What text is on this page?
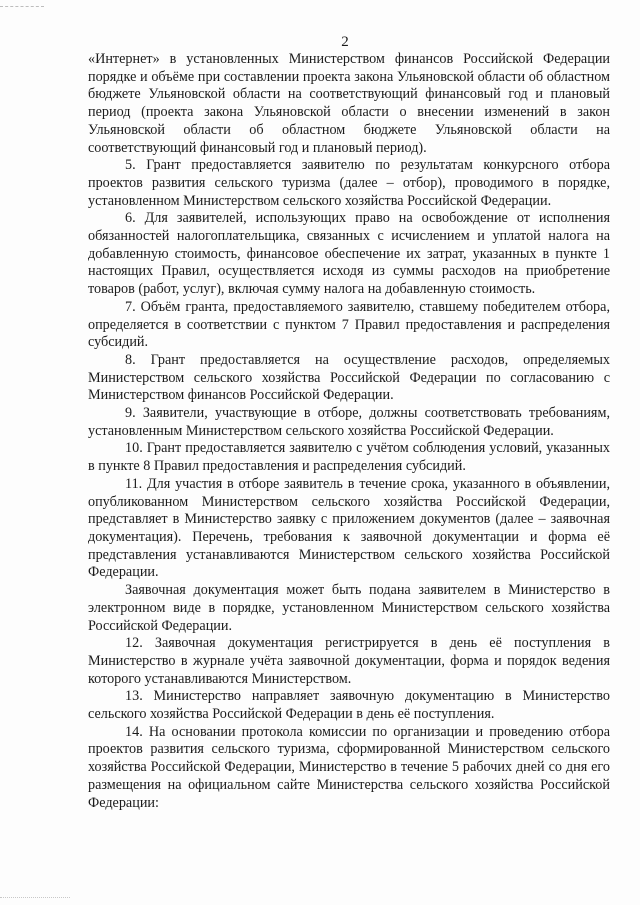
2

«Интернет» в установленных Министерством финансов Российской Федерации порядке и объёме при составлении проекта закона Ульяновской области об областном бюджете Ульяновской области на соответствующий финансовый год и плановый период (проекта закона Ульяновской области о внесении изменений в закон Ульяновской области об областном бюджете Ульяновской области на соответствующий финансовый год и плановый период).

5. Грант предоставляется заявителю по результатам конкурсного отбора проектов развития сельского туризма (далее – отбор), проводимого в порядке, установленном Министерством сельского хозяйства Российской Федерации.

6. Для заявителей, использующих право на освобождение от исполнения обязанностей налогоплательщика, связанных с исчислением и уплатой налога на добавленную стоимость, финансовое обеспечение их затрат, указанных в пункте 1 настоящих Правил, осуществляется исходя из суммы расходов на приобретение товаров (работ, услуг), включая сумму налога на добавленную стоимость.

7. Объём гранта, предоставляемого заявителю, ставшему победителем отбора, определяется в соответствии с пунктом 7 Правил предоставления и распределения субсидий.

8. Грант предоставляется на осуществление расходов, определяемых Министерством сельского хозяйства Российской Федерации по согласованию с Министерством финансов Российской Федерации.

9. Заявители, участвующие в отборе, должны соответствовать требованиям, установленным Министерством сельского хозяйства Российской Федерации.

10. Грант предоставляется заявителю с учётом соблюдения условий, указанных в пункте 8 Правил предоставления и распределения субсидий.

11. Для участия в отборе заявитель в течение срока, указанного в объявлении, опубликованном Министерством сельского хозяйства Российской Федерации, представляет в Министерство заявку с приложением документов (далее – заявочная документация). Перечень, требования к заявочной документации и форма её представления устанавливаются Министерством сельского хозяйства Российской Федерации.

Заявочная документация может быть подана заявителем в Министерство в электронном виде в порядке, установленном Министерством сельского хозяйства Российской Федерации.

12. Заявочная документация регистрируется в день её поступления в Министерство в журнале учёта заявочной документации, форма и порядок ведения которого устанавливаются Министерством.

13. Министерство направляет заявочную документацию в Министерство сельского хозяйства Российской Федерации в день её поступления.

14. На основании протокола комиссии по организации и проведению отбора проектов развития сельского туризма, сформированной Министерством сельского хозяйства Российской Федерации, Министерство в течение 5 рабочих дней со дня его размещения на официальном сайте Министерства сельского хозяйства Российской Федерации:
